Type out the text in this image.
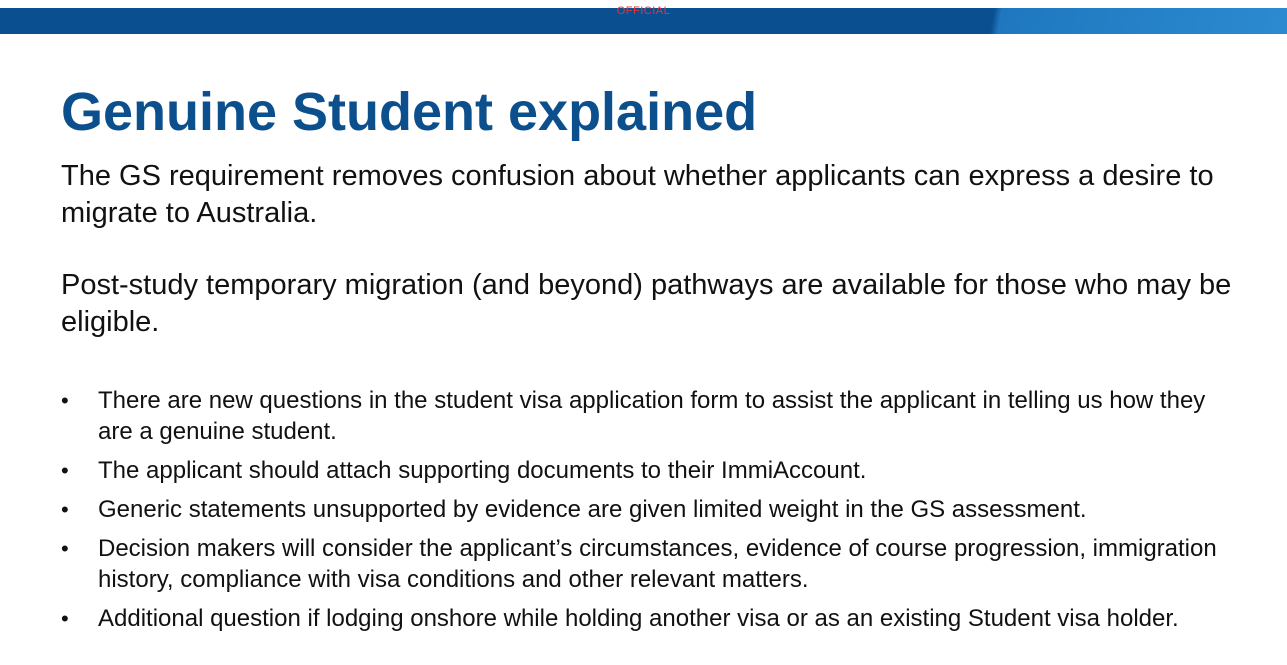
OFFICIAL
Genuine Student explained

The GS requirement removes confusion about whether applicants can express a desire to migrate to Australia.

Post-study temporary migration (and beyond) pathways are available for those who may be eligible.

•	There are new questions in the student visa application form to assist the applicant in telling us how they are a genuine student.
•	The applicant should attach supporting documents to their ImmiAccount.
•	Generic statements unsupported by evidence are given limited weight in the GS assessment.
•	Decision makers will consider the applicant’s circumstances, evidence of course progression, immigration history, compliance with visa conditions and other relevant matters.
•	Additional question if lodging onshore while holding another visa or as an existing Student visa holder.
